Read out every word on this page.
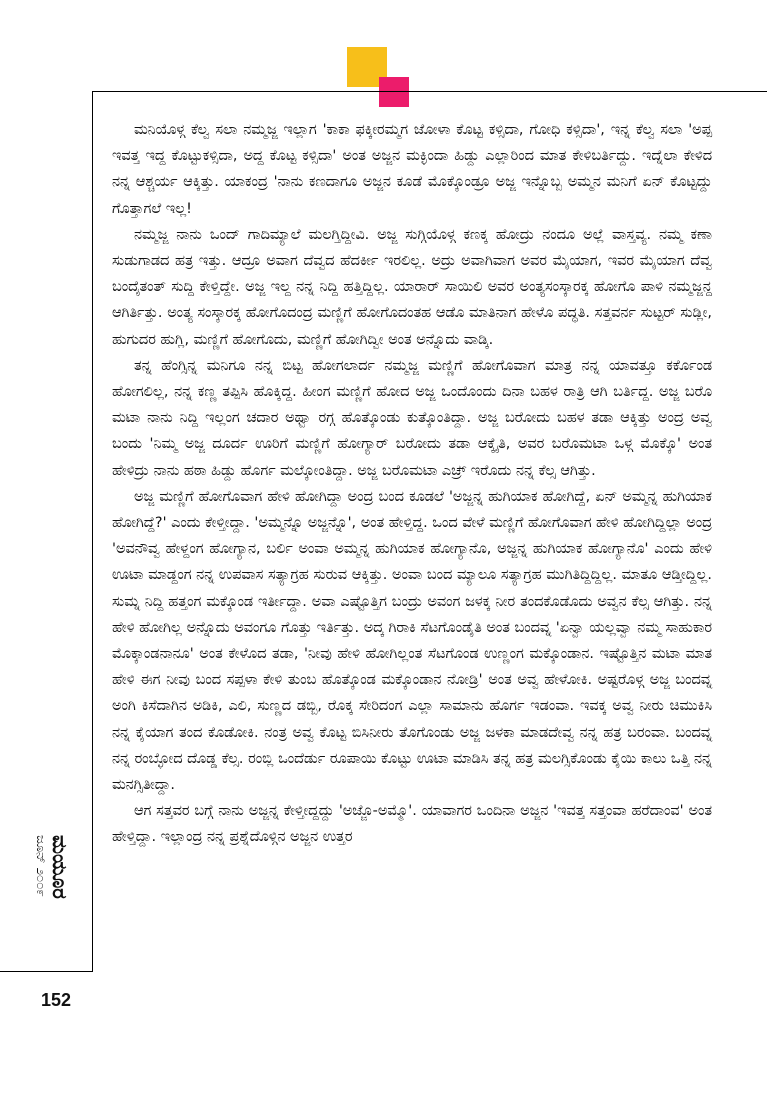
ಮನಿಯೊಳ್ಗ ಕೆಲ್ವ ಸಲಾ ನಮ್ಮಜ್ಜ ಇಲ್ಲಾಗ 'ಕಾಕಾ ಫಕ್ಕೀರಮ್ಮಗ ಜೋಳಾ ಕೊಟ್ಟ ಕಳ್ಸಿದಾ, ಗೋಧಿ ಕಳ್ಸಿದಾ', ಇನ್ನ ಕೆಲ್ವ ಸಲಾ 'ಅಪ್ಪ ಇವತ್ತ ಇದ್ದ ಕೊಟ್ಟುಕಳ್ಸಿದಾ, ಅದ್ದ ಕೊಟ್ಟ ಕಳ್ಸಿದಾ' ಅಂತ ಅಜ್ಜನ ಮಕ್ಳಿಂದಾ ಹಿಡ್ದು ಎಲ್ಲಾರಿಂದ ಮಾತ ಕೇಳಿಬರ್ತಿದ್ದು. ಇದ್ನೆಲಾ ಕೇಳಿದ ನನ್ನ ಆಶ್ಚರ್ಯ ಆಕ್ಕಿತ್ತು. ಯಾಕಂದ್ರ 'ನಾನು ಕಣದಾಗೂ ಅಜ್ಜನ ಕೂಡೆ ಮೊಕ್ಕೊಂಡ್ರೂ ಅಜ್ಜ ಇನ್ನೊಬ್ಬ ಅಮ್ಮನ ಮನಿಗೆ ಏನ್ ಕೊಟ್ಟದ್ದು ಗೊತ್ತಾಗಲೆ ಇಲ್ಲ!

ನಮ್ಮಜ್ಜ ನಾನು ಒಂದ್ ಗಾದಿಮ್ಯಾಲೆ ಮಲಗ್ತಿದ್ದೀವಿ. ಅಜ್ಜ ಸುಗ್ಗಿಯೊಳ್ಗ ಕಣಕ್ಕ ಹೋದ್ರು ನಂದೂ ಅಲ್ಲೆ ವಾಸ್ತವ್ಯ. ನಮ್ಮ ಕಣಾ ಸುಡುಗಾಡದ ಹತ್ರ ಇತ್ತು. ಆದ್ರೂ ಅವಾಗ ದೆವ್ವದ ಹೆದರ್ಕೀ ಇರಲಿಲ್ಲ. ಅದ್ರು ಅವಾಗಿವಾಗ ಅವರ ಮೈಯಾಗ, ಇವರ ಮೈಯಾಗ ದೆವ್ವ ಬಂದೈತಂತ್ ಸುದ್ದಿ ಕೇಳ್ತಿದ್ದೇ. ಅಜ್ಜ ಇಲ್ದ ನನ್ನ ನಿದ್ದಿ ಹತ್ತಿದ್ದಿಲ್ಲ. ಯಾರಾರ್ ಸಾಯಿಲಿ ಅವರ ಅಂತ್ಯಸಂಸ್ಕಾರಕ್ಕ ಹೋಗೊ ಪಾಳಿ ನಮ್ಮಜ್ಜನ್ದ ಆಗಿರ್ತಿತ್ತು. ಅಂತ್ಯ ಸಂಸ್ಕಾರಕ್ಕ ಹೋಗೊದಂದ್ರ ಮಣ್ಣಿಗೆ ಹೋಗೊದಂತಹ ಆಡೊ ಮಾತಿನಾಗ ಹೇಳೊ ಪದ್ಧತಿ. ಸತ್ತವರ್ನ ಸುಟ್ಟರ್ ಸುಡ್ಲೀ, ಹುಗುದರ ಹುಗ್ಲಿ, ಮಣ್ಣಿಗೆ ಹೋಗೊದು, ಮಣ್ಣಿಗೆ ಹೋಗಿದ್ವೀ ಅಂತ ಅನ್ನೊದು ವಾಡ್ಕಿ.

ತನ್ನ ಹೆಂಗ್ಸಿನ್ನ ಮನಿಗೂ ನನ್ನ ಬಿಟ್ಟ ಹೋಗಲಾರ್ದ ನಮ್ಮಜ್ಜ ಮಣ್ಣಿಗೆ ಹೋಗೊವಾಗ ಮಾತ್ರ ನನ್ನ ಯಾವತ್ತೂ ಕರ್ಕೊಂಡ ಹೋಗಲಿಲ್ಲ, ನನ್ನ ಕಣ್ಣ ತಪ್ಪಿಸಿ ಹೊಕ್ಕಿದ್ದ. ಹೀಂಗ ಮಣ್ಣಿಗೆ ಹೋದ ಅಜ್ಜ ಒಂದೊಂದು ದಿನಾ ಬಹಳ ರಾತ್ರಿ ಆಗಿ ಬರ್ತಿದ್ದ. ಅಜ್ಜ ಬರೊ ಮಟಾ ನಾನು ನಿದ್ದಿ ಇಲ್ಲಂಗ ಚದಾರ ಅಥ್ವಾ ರಗ್ಗ ಹೊತ್ಕೊಂಡು ಕುತ್ಕೊಂತಿದ್ದಾ. ಅಜ್ಜ ಬರೋದು ಬಹಳ ತಡಾ ಆಕ್ಕಿತ್ತು ಅಂದ್ರ ಅವ್ವ ಬಂದು 'ನಿಮ್ಮ ಅಜ್ಜ ದೂರ್ದ ಊರಿಗೆ ಮಣ್ಣಿಗೆ ಹೋಗ್ಯಾರ್ ಬರೋದು ತಡಾ ಆಕ್ಕೈತಿ, ಅವರ ಬರೊಮಟಾ ಒಳ್ಗ ಮೊಕ್ಕೊ' ಅಂತ ಹೇಳಿದ್ರು ನಾನು ಹಠಾ ಹಿಡ್ದು ಹೊರ್ಗ ಮಲ್ಕೋಂತಿದ್ದಾ. ಅಜ್ಜ ಬರೊಮಟಾ ಎಚ್ರ್ ಇರೊದು ನನ್ನ ಕೆಲ್ಸ ಆಗಿತ್ತು.

ಅಜ್ಜ ಮಣ್ಣಿಗೆ ಹೋಗೊವಾಗ ಹೇಳಿ ಹೋಗಿದ್ದಾ ಅಂದ್ರ ಬಂದ ಕೂಡಲೆ 'ಅಜ್ಜನ್ನ ಹುಗಿಯಾಕ ಹೋಗಿದ್ದೆ, ಏನ್ ಅಮ್ಮನ್ನ ಹುಗಿಯಾಕ ಹೋಗಿದ್ದೆ?' ಎಂದು ಕೇಳ್ತೀದ್ದಾ. 'ಅಮ್ಮನ್ನೊ ಅಜ್ಜನ್ನೊ', ಅಂತ ಹೇಳ್ತಿದ್ದ. ಒಂದ ವೇಳೆ ಮಣ್ಣಿಗೆ ಹೋಗೊವಾಗ ಹೇಳಿ ಹೋಗಿದ್ದಿಲ್ಲಾ ಅಂದ್ರ 'ಅವನೌವ್ವ ಹೇಳ್ದಂಗ ಹೋಗ್ಯಾನ, ಬರ್ಲಿ ಅಂವಾ ಅಮ್ಮನ್ನ ಹುಗಿಯಾಕ ಹೋಗ್ಯಾನೊ, ಅಜ್ಜನ್ನ ಹುಗಿಯಾಕ ಹೋಗ್ಯಾನೊ' ಎಂದು ಹೇಳಿ ಊಟಾ ಮಾಡ್ದಂಗ ನನ್ನ ಉಪವಾಸ ಸತ್ಯಾಗ್ರಹ ಸುರುವ ಆಕ್ಕಿತ್ತು. ಅಂವಾ ಬಂದ ಮ್ಯಾಲೂ ಸತ್ಯಾಗ್ರಹ ಮುಗಿತಿದ್ದಿದ್ದಿಲ್ಲ. ಮಾತೂ ಆಡ್ತೀದ್ದಿಲ್ಲ. ಸುಮ್ನ ನಿದ್ದಿ ಹತ್ತಂಗ ಮಕ್ಕೊಂಡ ಇರ್ತೀದ್ದಾ. ಅವಾ ಎಷ್ಟೊತ್ತಿಗ ಬಂದ್ರು ಅವಂಗ ಜಳಕ್ಕ ನೀರ ತಂದಕೊಡೊದು ಅವ್ವನ ಕೆಲ್ಸ ಆಗಿತ್ತು. ನನ್ನ ಹೇಳಿ ಹೋಗಿಲ್ಲ ಅನ್ನೊದು ಅವಂಗೂ ಗೊತ್ತು ಇರ್ತಿತ್ತು. ಅದ್ಕ ಗಿರಾಕಿ ಸೆಟಗೊಂಡೈತಿ ಅಂತ ಬಂದವ್ನ 'ಏನ್ವಾ ಯಲ್ಲವ್ವಾ ನಮ್ಮ ಸಾಹುಕಾರ ಮೊಕ್ಕಾಂಡನಾನೂ' ಅಂತ ಕೇಳೊದ ತಡಾ, 'ನೀವು ಹೇಳಿ ಹೋಗಿಲ್ಲಂತ ಸೆಟಗೊಂಡ ಉಣ್ಣಂಗ ಮಕ್ಕೊಂಡಾನ. ಇಷ್ಟೊತ್ತಿನ ಮಟಾ ಮಾತ ಹೇಳಿ ಈಗ ನೀವು ಬಂದ ಸಪ್ಪಳಾ ಕೇಳಿ ತುಂಬ ಹೊತ್ಕೊಂಡ ಮಕ್ಕೊಂಡಾನ ನೋಡ್ರಿ' ಅಂತ ಅವ್ವ ಹೇಳೋಕಿ. ಅಷ್ಟರೊಳ್ಗ ಅಜ್ಜ ಬಂದವ್ನ ಅಂಗಿ ಕಿಸೆದಾಗಿನ ಅಡಿಕಿ, ಎಲಿ, ಸುಣ್ಣದ ಡಬ್ಬಿ, ರೊಕ್ಕ ಸೇರಿದಂಗ ಎಲ್ಲಾ ಸಾಮಾನು ಹೊರ್ಗ ಇಡಂವಾ. ಇವಕ್ಕ ಅವ್ವ ನೀರು ಚಿಮುಕಿಸಿ ನನ್ನ ಕೈಯಾಗ ತಂದ ಕೊಡೋಕಿ. ನಂತ್ರ ಅವ್ವ ಕೊಟ್ಟ ಬಿಸಿನೀರು ತೊಗೊಂಡು ಅಜ್ಜ ಜಳಕಾ ಮಾಡದೇವ್ವ ನನ್ನ ಹತ್ರ ಬರಂವಾ. ಬಂದವ್ನ ನನ್ನ ರಂಬ್ಳೋದ ದೊಡ್ಡ ಕೆಲ್ಸ. ರಂಬ್ಲಿ ಒಂದೆರ್ಡು ರೂಪಾಯಿ ಕೊಟ್ಟು ಊಟಾ ಮಾಡಿಸಿ ತನ್ನ ಹತ್ರ ಮಲಗ್ಸಿಕೊಂಡು ಕೈಯಿ ಕಾಲು ಒತ್ತಿ ನನ್ನ ಮನಗ್ಸಿತೀದ್ದಾ.

ಆಗ ಸತ್ತವರ ಬಗ್ಗೆ ನಾನು ಅಜ್ಜನ್ನ ಕೇಳ್ತೀದ್ದದ್ದು 'ಅಜ್ಜೊ-ಅಮ್ಮೊ'. ಯಾವಾಗರ ಒಂದಿನಾ ಅಜ್ಜನ 'ಇವತ್ತ ಸತ್ತಂವಾ ಹರೆದಾಂವ' ಅಂತ ಹೇಳ್ತಿದ್ದಾ. ಇಲ್ಲಾಂದ್ರ ನನ್ನ ಪ್ರಶ್ನೆದೊಳ್ಗಿನ ಅಜ್ಜನ ಉತ್ತರ

ಮಯೂರ
ಜೂನ್ ೨೦೦೯
152
